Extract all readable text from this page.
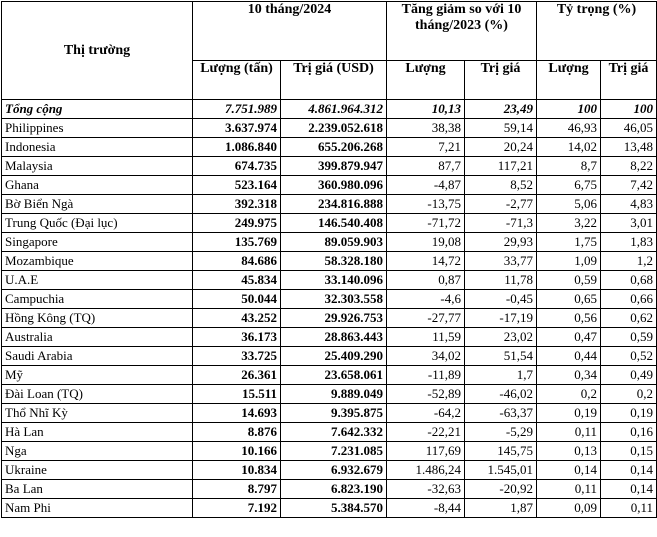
Thị trường	10 tháng/2024		Tăng giảm so với 10 tháng/2023 (%)		Tỷ trọng (%)	
	Lượng (tấn)	Trị giá (USD)	Lượng	Trị giá	Lượng	Trị giá
Tổng cộng	7.751.989	4.861.964.312	10,13	23,49	100	100
Philippines	3.637.974	2.239.052.618	38,38	59,14	46,93	46,05
Indonesia	1.086.840	655.206.268	7,21	20,24	14,02	13,48
Malaysia	674.735	399.879.947	87,7	117,21	8,7	8,22
Ghana	523.164	360.980.096	-4,87	8,52	6,75	7,42
Bờ Biển Ngà	392.318	234.816.888	-13,75	-2,77	5,06	4,83
Trung Quốc (Đại lục)	249.975	146.540.408	-71,72	-71,3	3,22	3,01
Singapore	135.769	89.059.903	19,08	29,93	1,75	1,83
Mozambique	84.686	58.328.180	14,72	33,77	1,09	1,2
U.A.E	45.834	33.140.096	0,87	11,78	0,59	0,68
Campuchia	50.044	32.303.558	-4,6	-0,45	0,65	0,66
Hồng Kông (TQ)	43.252	29.926.753	-27,77	-17,19	0,56	0,62
Australia	36.173	28.863.443	11,59	23,02	0,47	0,59
Saudi Arabia	33.725	25.409.290	34,02	51,54	0,44	0,52
Mỹ	26.361	23.658.061	-11,89	1,7	0,34	0,49
Đài Loan (TQ)	15.511	9.889.049	-52,89	-46,02	0,2	0,2
Thổ Nhĩ Kỳ	14.693	9.395.875	-64,2	-63,37	0,19	0,19
Hà Lan	8.876	7.642.332	-22,21	-5,29	0,11	0,16
Nga	10.166	7.231.085	117,69	145,75	0,13	0,15
Ukraine	10.834	6.932.679	1.486,24	1.545,01	0,14	0,14
Ba Lan	8.797	6.823.190	-32,63	-20,92	0,11	0,14
Nam Phi	7.192	5.384.570	-8,44	1,87	0,09	0,11
